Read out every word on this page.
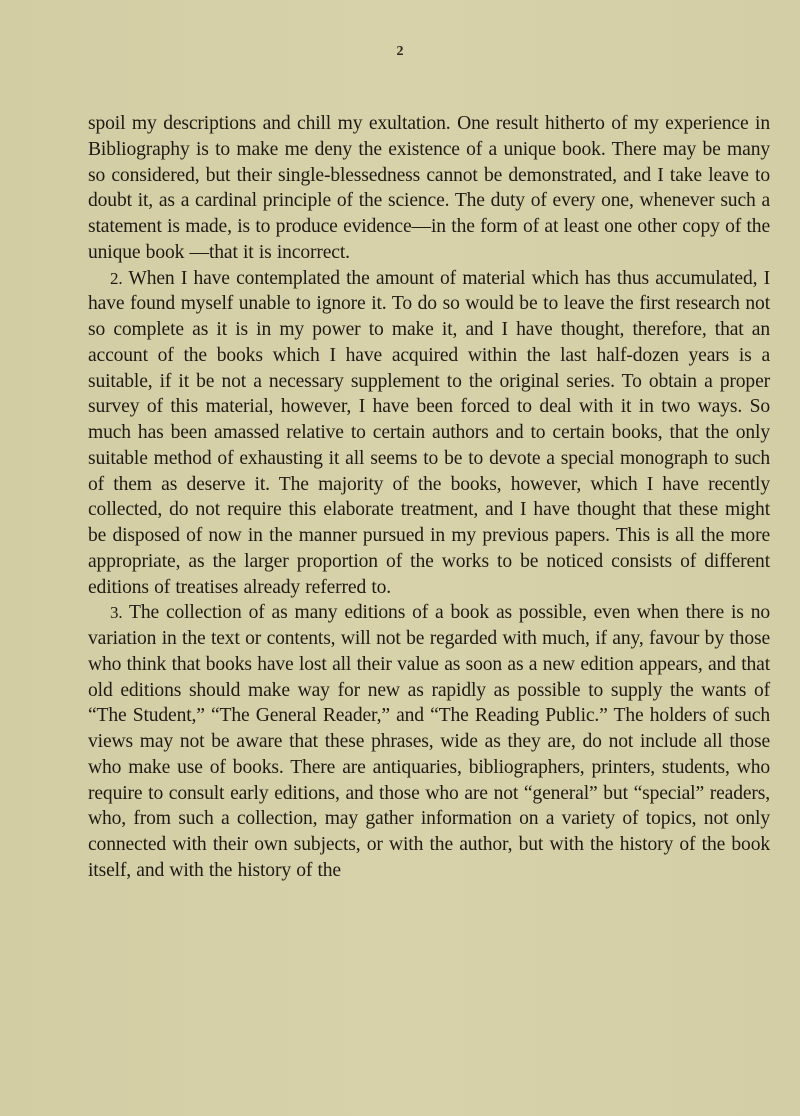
2

spoil my descriptions and chill my exultation. One result hitherto of my experience in Bibliography is to make me deny the existence of a unique book. There may be many so considered, but their single-blessedness cannot be demonstrated, and I take leave to doubt it, as a cardinal principle of the science. The duty of every one, whenever such a statement is made, is to produce evidence—in the form of at least one other copy of the unique book —that it is incorrect.

2. When I have contemplated the amount of material which has thus accumulated, I have found myself unable to ignore it. To do so would be to leave the first research not so complete as it is in my power to make it, and I have thought, therefore, that an account of the books which I have acquired within the last half-dozen years is a suitable, if it be not a necessary supplement to the original series. To obtain a proper survey of this material, however, I have been forced to deal with it in two ways. So much has been amassed relative to certain authors and to certain books, that the only suitable method of exhausting it all seems to be to devote a special monograph to such of them as deserve it. The majority of the books, however, which I have recently collected, do not require this elaborate treatment, and I have thought that these might be disposed of now in the manner pursued in my previous papers. This is all the more appropriate, as the larger proportion of the works to be noticed consists of different editions of treatises already referred to.

3. The collection of as many editions of a book as possible, even when there is no variation in the text or contents, will not be regarded with much, if any, favour by those who think that books have lost all their value as soon as a new edition appears, and that old editions should make way for new as rapidly as possible to supply the wants of “The Student,” “The General Reader,” and “The Reading Public.” The holders of such views may not be aware that these phrases, wide as they are, do not include all those who make use of books. There are antiquaries, bibliographers, printers, students, who require to consult early editions, and those who are not “general” but “special” readers, who, from such a collection, may gather information on a variety of topics, not only connected with their own subjects, or with the author, but with the history of the book itself, and with the history of the
